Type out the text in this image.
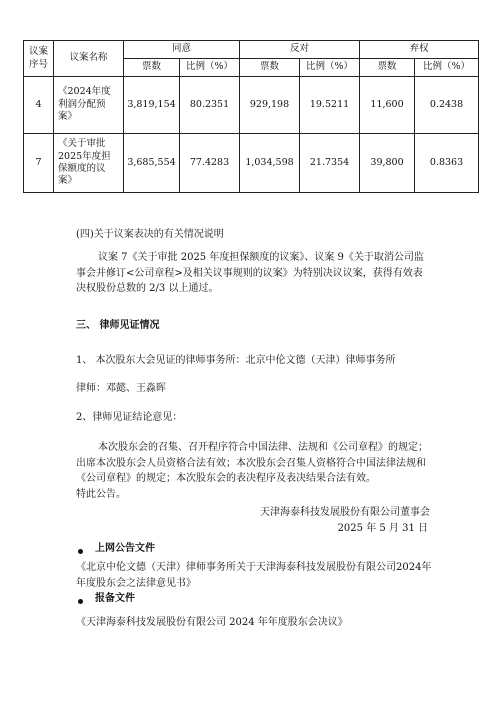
议案序号	议案名称	同意		反对		弃权	
		票数	比例（%）	票数	比例（%）	票数	比例（%）
4	《2024年度利润分配预案》	3,819,154	80.2351	929,198	19.5211	11,600	0.2438
7	《关于审批2025年度担保额度的议案》	3,685,554	77.4283	1,034,598	21.7354	39,800	0.8363
(四)关于议案表决的有关情况说明
议案 7《关于审批 2025 年度担保额度的议案》、议案 9《关于取消公司监事会并修订<公司章程>及相关议事规则的议案》为特别决议议案，获得有效表决权股份总数的 2/3 以上通过。
三、 律师见证情况
1、 本次股东大会见证的律师事务所：北京中伦文德（天津）律师事务所
律师：邓懿、王淼晖
2、律师见证结论意见：
本次股东会的召集、召开程序符合中国法律、法规和《公司章程》的规定；出席本次股东会人员资格合法有效；本次股东会召集人资格符合中国法律法规和《公司章程》的规定；本次股东会的表决程序及表决结果合法有效。
特此公告。
天津海泰科技发展股份有限公司董事会
2025 年 5 月 31 日
上网公告文件
《北京中伦文德（天津）律师事务所关于天津海泰科技发展股份有限公司2024年年度股东会之法律意见书》
报备文件
《天津海泰科技发展股份有限公司 2024 年年度股东会决议》
